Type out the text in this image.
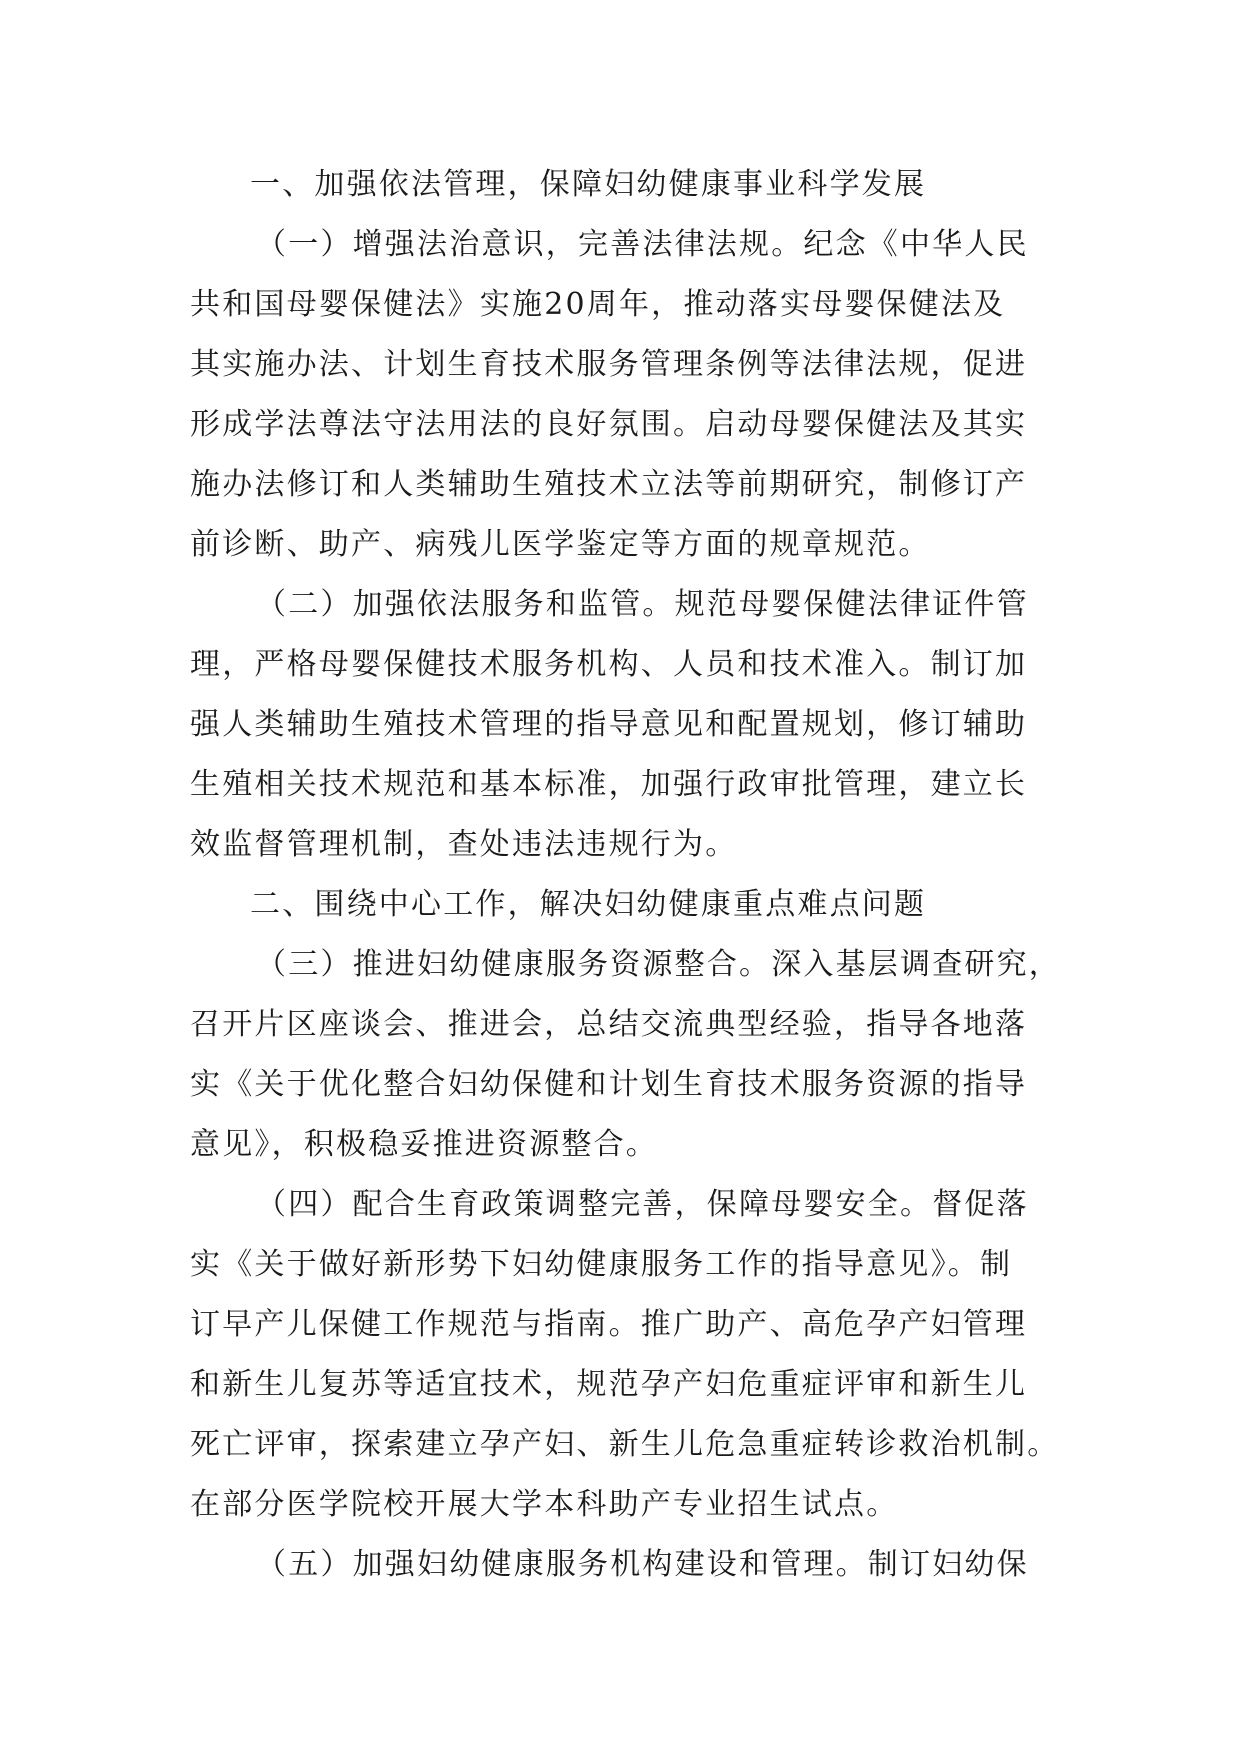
一、加强依法管理，保障妇幼健康事业科学发展
（一）增强法治意识，完善法律法规。纪念《中华人民
共和国母婴保健法》实施20周年，推动落实母婴保健法及
其实施办法、计划生育技术服务管理条例等法律法规，促进
形成学法尊法守法用法的良好氛围。启动母婴保健法及其实
施办法修订和人类辅助生殖技术立法等前期研究，制修订产
前诊断、助产、病残儿医学鉴定等方面的规章规范。
（二）加强依法服务和监管。规范母婴保健法律证件管
理，严格母婴保健技术服务机构、人员和技术准入。制订加
强人类辅助生殖技术管理的指导意见和配置规划，修订辅助
生殖相关技术规范和基本标准，加强行政审批管理，建立长
效监督管理机制，查处违法违规行为。
二、围绕中心工作，解决妇幼健康重点难点问题
（三）推进妇幼健康服务资源整合。深入基层调查研究，
召开片区座谈会、推进会，总结交流典型经验，指导各地落
实《关于优化整合妇幼保健和计划生育技术服务资源的指导
意见》，积极稳妥推进资源整合。
（四）配合生育政策调整完善，保障母婴安全。督促落
实《关于做好新形势下妇幼健康服务工作的指导意见》。制
订早产儿保健工作规范与指南。推广助产、高危孕产妇管理
和新生儿复苏等适宜技术，规范孕产妇危重症评审和新生儿
死亡评审，探索建立孕产妇、新生儿危急重症转诊救治机制。
在部分医学院校开展大学本科助产专业招生试点。
（五）加强妇幼健康服务机构建设和管理。制订妇幼保
